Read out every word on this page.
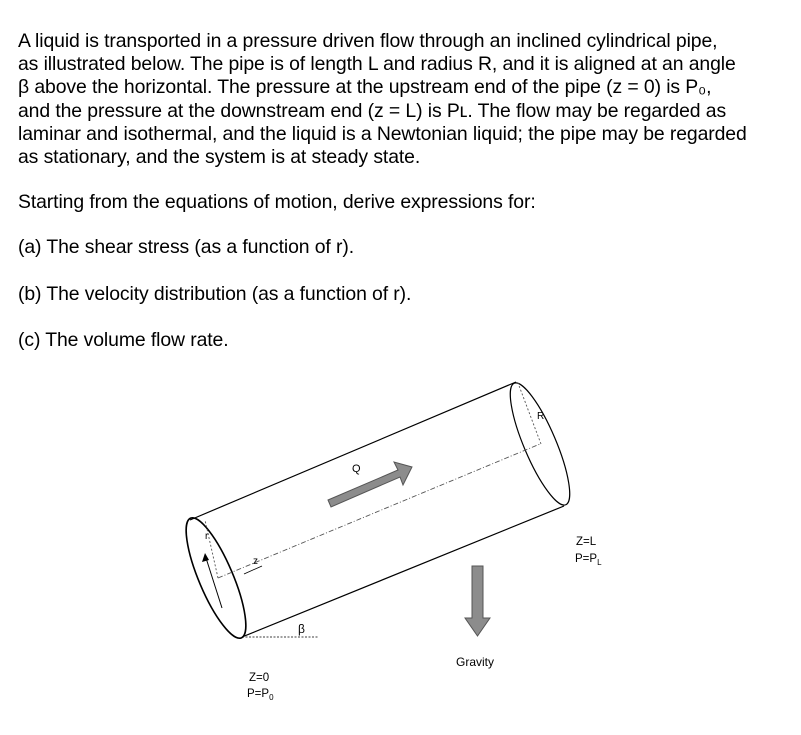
A liquid is transported in a pressure driven flow through an inclined cylindrical pipe,
as illustrated below. The pipe is of length L and radius R, and it is aligned at an angle
β above the horizontal. The pressure at the upstream end of the pipe (z = 0) is P₀,
and the pressure at the downstream end (z = L) is Pʟ. The flow may be regarded as
laminar and isothermal, and the liquid is a Newtonian liquid; the pipe may be regarded
as stationary, and the system is at steady state.
Starting from the equations of motion, derive expressions for:
(a) The shear stress (as a function of r).
(b) The velocity distribution (as a function of r).
(c) The volume flow rate.
r
z
R
Q
β
Gravity
Z=0
$P=P_0$
Z=L
$P=P_L$
